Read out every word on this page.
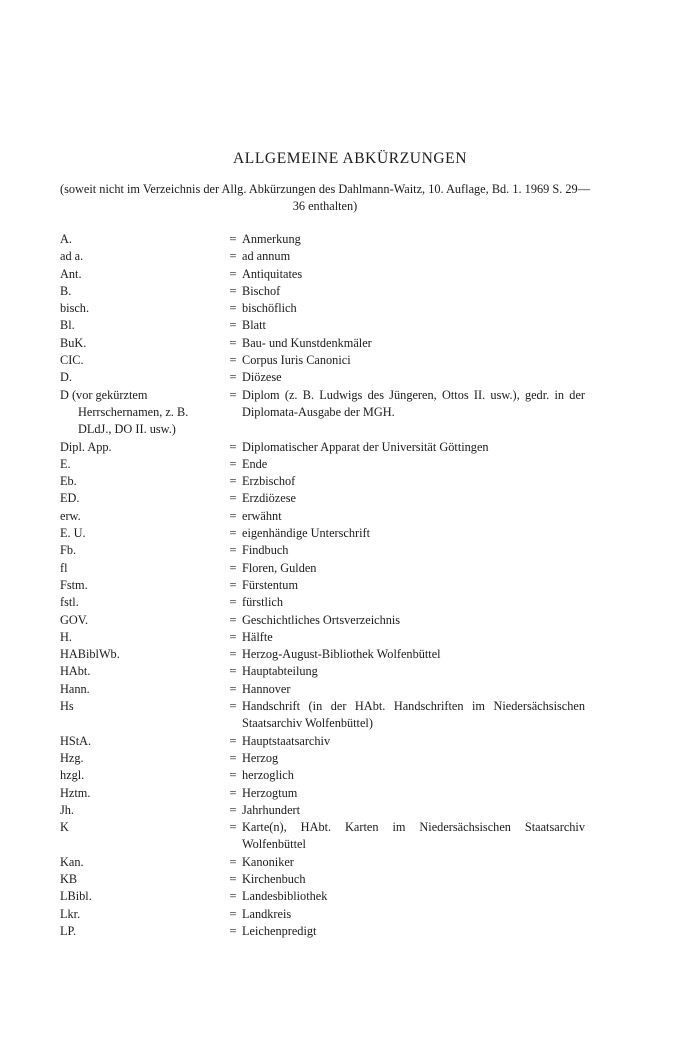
ALLGEMEINE ABKÜRZUNGEN

(soweit nicht im Verzeichnis der Allg. Abkürzungen des Dahlmann-Waitz, 10. Auflage, Bd. 1. 1969 S. 29—36 enthalten)

A.	= Anmerkung
ad a.	= ad annum
Ant.	= Antiquitates
B.	= Bischof
bisch.	= bischöflich
Bl.	= Blatt
BuK.	= Bau- und Kunstdenkmäler
CIC.	= Corpus Iuris Canonici
D.	= Diözese
D (vor gekürztem Herrschernamen, z. B. DLdJ., DO II. usw.)
= Diplom (z. B. Ludwigs des Jüngeren, Ottos II. usw.), gedr. in der Diplomata-Ausgabe der MGH.
Dipl. App.	= Diplomatischer Apparat der Universität Göttingen
E.	= Ende
Eb.	= Erzbischof
ED.	= Erzdiözese
erw.	= erwähnt
E. U.	= eigenhändige Unterschrift
Fb.	= Findbuch
fl	= Floren, Gulden
Fstm.	= Fürstentum
fstl.	= fürstlich
GOV.	= Geschichtliches Ortsverzeichnis
H.	= Hälfte
HABiblWb.	= Herzog-August-Bibliothek Wolfenbüttel
HAbt.	= Hauptabteilung
Hann.	= Hannover
Hs	= Handschrift (in der HAbt. Handschriften im Niedersächsischen Staatsarchiv Wolfenbüttel)
HStA.	= Hauptstaatsarchiv
Hzg.	= Herzog
hzgl.	= herzoglich
Hztm.	= Herzogtum
Jh.	= Jahrhundert
K	= Karte(n), HAbt. Karten im Niedersächsischen Staatsarchiv Wolfenbüttel
Kan.	= Kanoniker
KB	= Kirchenbuch
LBibl.	= Landesbibliothek
Lkr.	= Landkreis
LP.	= Leichenpredigt
